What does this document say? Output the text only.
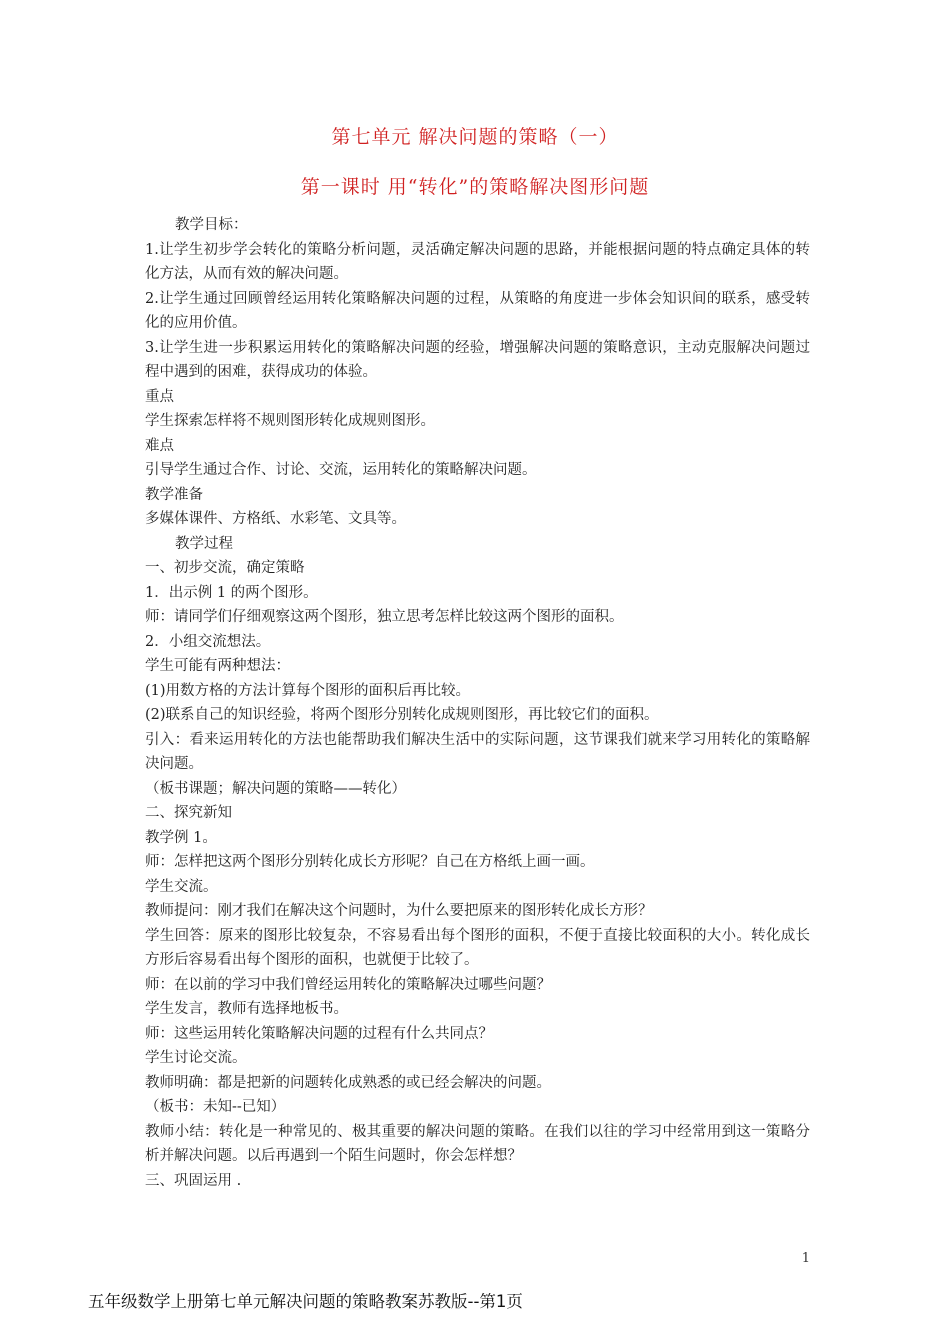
第七单元 解决问题的策略（一）
第一课时 用“转化”的策略解决图形问题

教学目标：

1.让学生初步学会转化的策略分析问题，灵活确定解决问题的思路，并能根据问题的特点确定具体的转化方法，从而有效的解决问题。

2.让学生通过回顾曾经运用转化策略解决问题的过程，从策略的角度进一步体会知识间的联系，感受转化的应用价值。

3.让学生进一步积累运用转化的策略解决问题的经验，增强解决问题的策略意识，主动克服解决问题过程中遇到的困难，获得成功的体验。

重点

学生探索怎样将不规则图形转化成规则图形。

难点

引导学生通过合作、讨论、交流，运用转化的策略解决问题。

教学准备

多媒体课件、方格纸、水彩笔、文具等。

教学过程

一、初步交流，确定策略

1．出示例 1 的两个图形。

师：请同学们仔细观察这两个图形，独立思考怎样比较这两个图形的面积。

2．小组交流想法。

学生可能有两种想法：

(1)用数方格的方法计算每个图形的面积后再比较。

(2)联系自己的知识经验，将两个图形分别转化成规则图形，再比较它们的面积。

引入：看来运用转化的方法也能帮助我们解决生活中的实际问题，这节课我们就来学习用转化的策略解决问题。

（板书课题；解决问题的策略——转化）

二、探究新知

教学例 1。

师：怎样把这两个图形分别转化成长方形呢？自己在方格纸上画一画。

学生交流。

教师提问：刚才我们在解决这个问题时，为什么要把原来的图形转化成长方形？

学生回答：原来的图形比较复杂，不容易看出每个图形的面积，不便于直接比较面积的大小。转化成长方形后容易看出每个图形的面积，也就便于比较了。

师：在以前的学习中我们曾经运用转化的策略解决过哪些问题？

学生发言，教师有选择地板书。

师：这些运用转化策略解决问题的过程有什么共同点？

学生讨论交流。

教师明确：都是把新的问题转化成熟悉的或已经会解决的问题。

（板书：未知--已知）

教师小结：转化是一种常见的、极其重要的解决问题的策略。在我们以往的学习中经常用到这一策略分析并解决问题。以后再遇到一个陌生问题时，你会怎样想？

三、巩固运用 .

1
五年级数学上册第七单元解决问题的策略教案苏教版--第1页
